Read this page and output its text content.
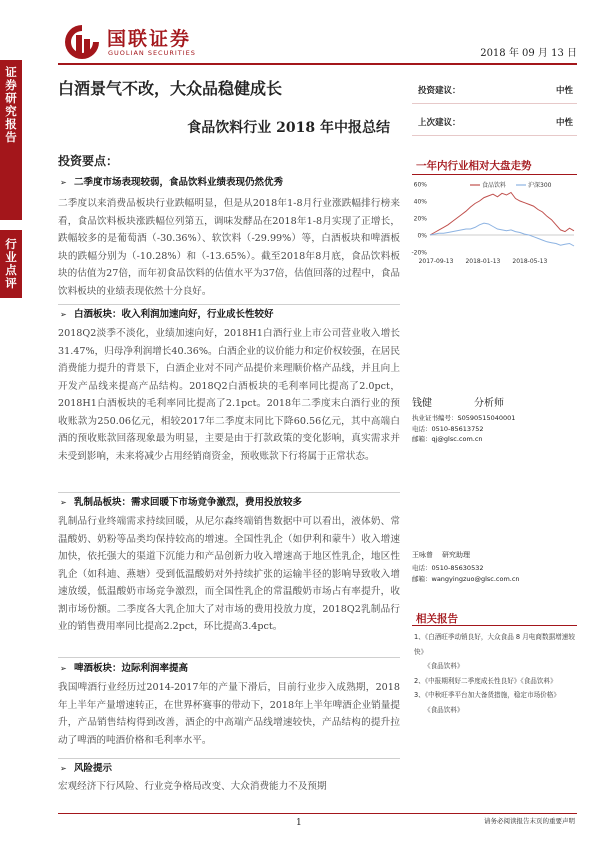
国联证券
GUOLIAN SECURITIES	2018 年 09 月 13 日
证
券
研
究
报
告
行
业
点
评
白酒景气不改，大众品稳健成长
食品饮料行业 2018 年中报总结
投资建议：	中性
上次建议：	中性
一年内行业相对大盘走势
60%
40%
20%
0%
-20%
2017-09-13 2018-01-13 2018-05-13
食品饮料	沪深300
投资要点：
➢ 二季度市场表现较弱，食品饮料业绩表现仍然优秀
二季度以来消费品板块行业跌幅明显，但是从2018年1-8月行业涨跌幅排行榜来看，食品饮料板块涨跌幅位列第五，调味发酵品在2018年1-8月实现了正增长，跌幅较多的是葡萄酒（-30.36%）、软饮料（-29.99%）等，白酒板块和啤酒板块的跌幅分别为（-10.28%）和（-13.65%）。截至2018年8月底，食品饮料板块的估值为27倍，而年初食品饮料的估值水平为37倍，估值回落的过程中，食品饮料板块的业绩表现依然十分良好。
➢ 白酒板块：收入利润加速向好，行业成长性较好
2018Q2淡季不淡化，业绩加速向好，2018H1白酒行业上市公司营业收入增长31.47%，归母净利润增长40.36%。白酒企业的议价能力和定价权较强，在居民消费能力提升的背景下，白酒企业对不同产品提价来理顺价格产品线，并且向上开发产品线来提高产品结构。2018Q2白酒板块的毛利率同比提高了2.0pct，2018H1白酒板块的毛利率同比提高了2.1pct。2018年二季度末白酒行业的预收账款为250.06亿元，相较2017年二季度末同比下降60.56亿元，其中高端白酒的预收账款回落现象最为明显，主要是由于打款政策的变化影响，真实需求并未受到影响，未来将减少占用经销商资金，预收账款下行将属于正常状态。
➢ 乳制品板块：需求回暖下市场竞争激烈，费用投放较多
乳制品行业终端需求持续回暖，从尼尔森终端销售数据中可以看出，液体奶、常温酸奶、奶粉等品类均保持较高的增速。全国性乳企（如伊利和蒙牛）收入增速加快，依托强大的渠道下沉能力和产品创新力收入增速高于地区性乳企，地区性乳企（如科迪、燕塘）受到低温酸奶对外持续扩张的运输半径的影响导致收入增速放缓，低温酸奶市场竞争激烈，而全国性乳企的常温酸奶市场占有率提升，收割市场份额。二季度各大乳企加大了对市场的费用投放力度，2018Q2乳制品行业的销售费用率同比提高2.2pct，环比提高3.4pct。
➢ 啤酒板块：边际利润率提高
我国啤酒行业经历过2014-2017年的产量下滑后，目前行业步入成熟期，2018年上半年产量增速转正，在世界杯赛事的带动下，2018年上半年啤酒企业销量提升，产品销售结构得到改善，酒企的中高端产品线增速较快，产品结构的提升拉动了啤酒的吨酒价格和毛利率水平。
➢ 风险提示
宏观经济下行风险、行业竞争格局改变、大众消费能力不及预期
钱健	分析师
执业证书编号：S0590515040001
电话：0510-85613752
邮箱：qj@glsc.com.cn
王咏曾	研究助理
电话：0510-85630532
邮箱：wangyingzuo@glsc.com.cn
相关报告
1、《白酒旺季动销良好，大众食品 8 月电商数据增速较快》
《食品饮料》
2、《中报期利好二季度成长性良好》《食品饮料》
3、《中秋旺季平台加大备货措施，稳定市场价格》
《食品饮料》
1	请务必阅读报告末页的重要声明
